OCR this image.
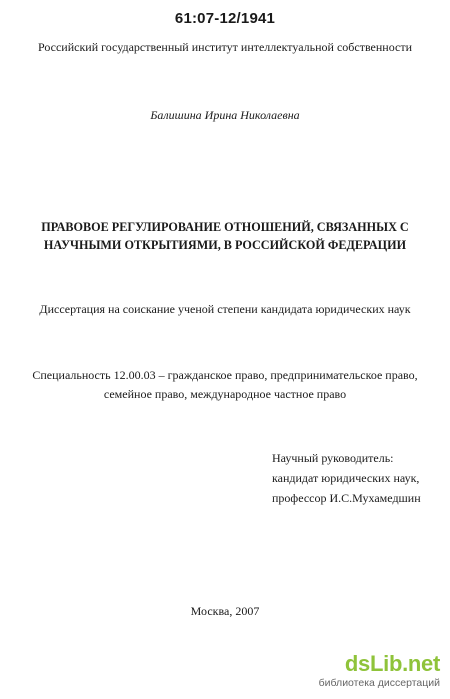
61:07-12/1941
Российский государственный институт интеллектуальной собственности
Балишина Ирина Николаевна
ПРАВОВОЕ РЕГУЛИРОВАНИЕ ОТНОШЕНИЙ, СВЯЗАННЫХ С
НАУЧНЫМИ ОТКРЫТИЯМИ, В РОССИЙСКОЙ ФЕДЕРАЦИИ
Диссертация на соискание ученой степени кандидата юридических наук
Специальность 12.00.03 – гражданское право, предпринимательское право,
семейное право, международное частное право
Научный руководитель:
кандидат юридических наук,
профессор И.С.Мухамедшин
Москва, 2007
dsLib.net
библиотека диссертаций
